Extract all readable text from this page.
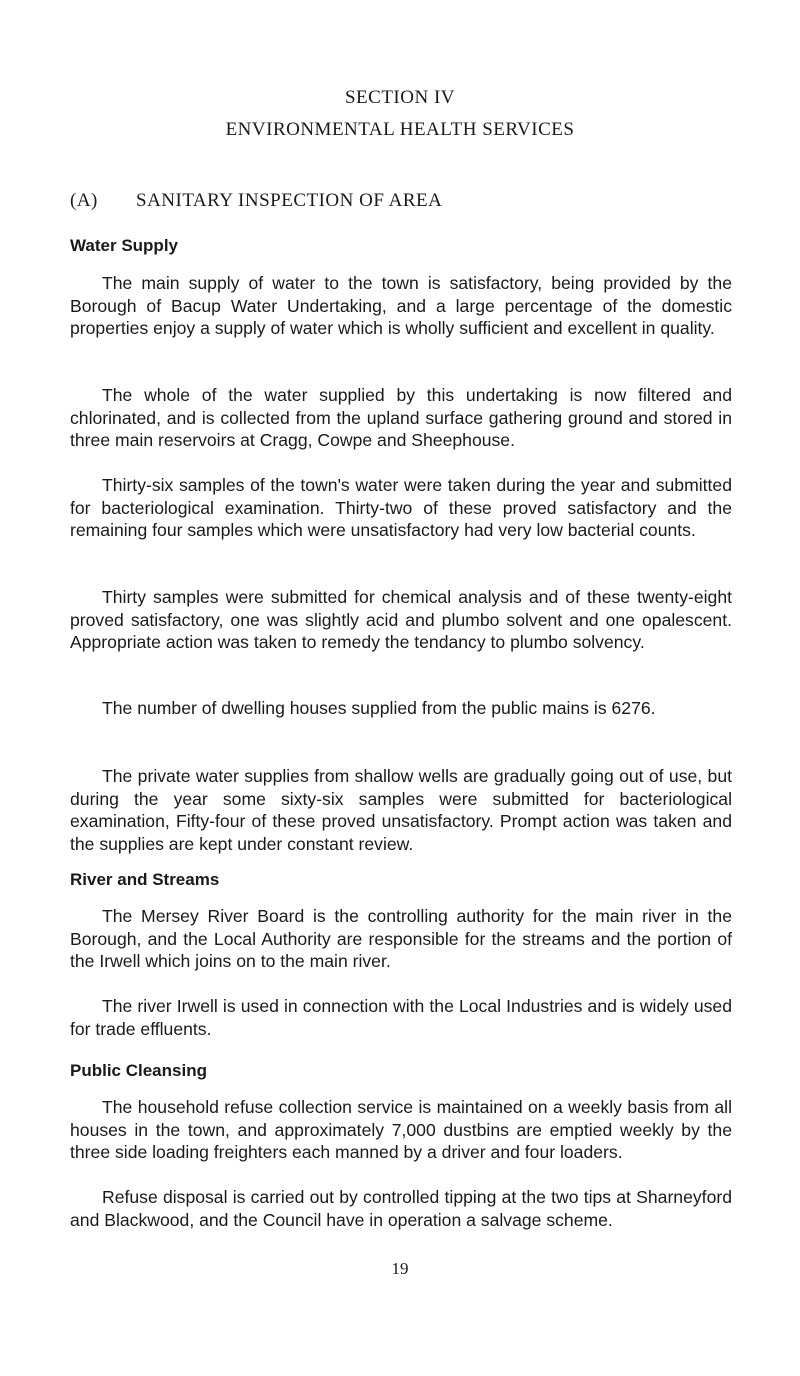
SECTION IV
ENVIRONMENTAL HEALTH SERVICES
(A) SANITARY INSPECTION OF AREA
Water Supply

The main supply of water to the town is satisfactory, being provided by the Borough of Bacup Water Undertaking, and a large percentage of the domestic properties enjoy a supply of water which is wholly sufficient and excellent in quality.

The whole of the water supplied by this undertaking is now filtered and chlorinated, and is collected from the upland surface gathering ground and stored in three main reservoirs at Cragg, Cowpe and Sheephouse.

Thirty-six samples of the town's water were taken during the year and submitted for bacteriological examination. Thirty-two of these proved satisfactory and the remaining four samples which were unsatisfactory had very low bacterial counts.

Thirty samples were submitted for chemical analysis and of these twenty-eight proved satisfactory, one was slightly acid and plumbo solvent and one opalescent. Appropriate action was taken to remedy the tendancy to plumbo solvency.

The number of dwelling houses supplied from the public mains is 6276.

The private water supplies from shallow wells are gradually going out of use, but during the year some sixty-six samples were submitted for bacteriological examination, Fifty-four of these proved unsatisfactory. Prompt action was taken and the supplies are kept under constant review.

River and Streams

The Mersey River Board is the controlling authority for the main river in the Borough, and the Local Authority are responsible for the streams and the portion of the Irwell which joins on to the main river.

The river Irwell is used in connection with the Local Industries and is widely used for trade effluents.

Public Cleansing

The household refuse collection service is maintained on a weekly basis from all houses in the town, and approximately 7,000 dustbins are emptied weekly by the three side loading freighters each manned by a driver and four loaders.

Refuse disposal is carried out by controlled tipping at the two tips at Sharneyford and Blackwood, and the Council have in operation a salvage scheme.

19
